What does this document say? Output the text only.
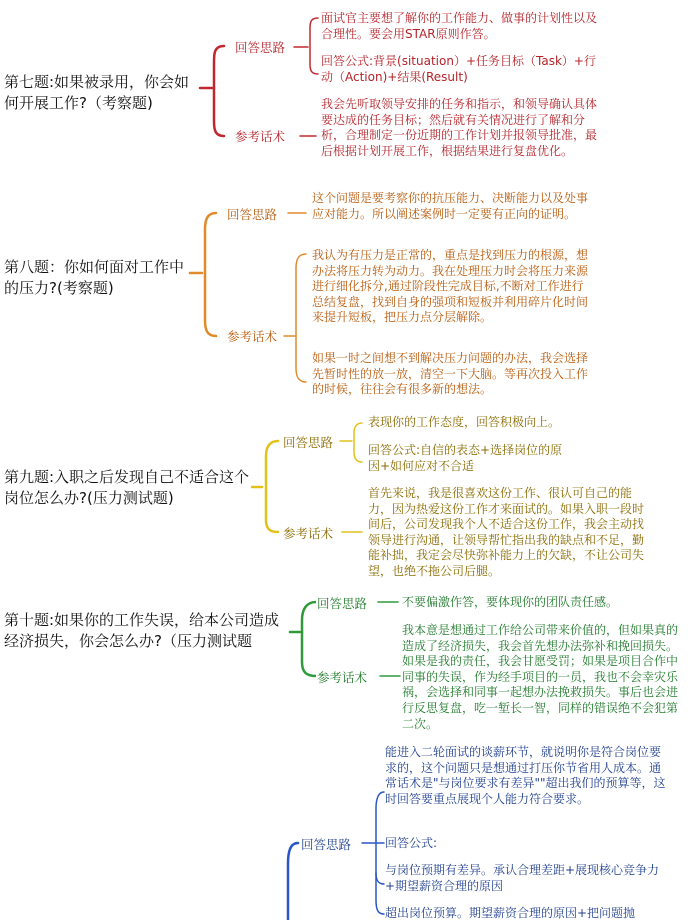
第七题:如果被录用，你会如何开展工作?（考察题)
回答思路
面试官主要想了解你的工作能力、做事的计划性以及合理性。要会用STAR原则作答。
回答公式:背景(situation）+任务目标（Task）+行动（Action)+结果(Result)
参考话术
我会先听取领导安排的任务和指示，和领导确认具体要达成的任务目标；然后就有关情况进行了解和分析，合理制定一份近期的工作计划并报领导批准，最后根据计划开展工作，根据结果进行复盘优化。
第八题：你如何面对工作中的压力?(考察题)
回答思路
这个问题是要考察你的抗压能力、决断能力以及处事应对能力。所以阐述案例时一定要有正向的证明。
参考话术
我认为有压力是正常的，重点是找到压力的根源，想办法将压力转为动力。我在处理压力时会将压力来源进行细化拆分,通过阶段性完成目标,不断对工作进行总结复盘，找到自身的强项和短板并利用碎片化时间来提升短板，把压力点分层解除。
如果一时之间想不到解决压力问题的办法，我会选择先暂时性的放一放，清空一下大脑。等再次投入工作的时候，往往会有很多新的想法。
第九题:入职之后发现自己不适合这个岗位怎么办?(压力测试题)
回答思路
表现你的工作态度，回答积极向上。
回答公式:自信的表态+选择岗位的原因+如何应对不合适
参考话术
首先来说，我是很喜欢这份工作、很认可自己的能力，因为热爱这份工作才来面试的。如果入职一段时间后，公司发现我个人不适合这份工作，我会主动找领导进行沟通，让领导帮忙指出我的缺点和不足，勤能补拙，我定会尽快弥补能力上的欠缺，不让公司失望，也绝不拖公司后腿。
第十题:如果你的工作失误，给本公司造成经济损失，你会怎么办?（压力测试题
回答思路	不要偏激作答，要体现你的团队责任感。
参考话术
我本意是想通过工作给公司带来价值的，但如果真的造成了经济损失，我会首先想办法弥补和挽回损失。如果是我的责任，我会甘愿受罚；如果是项目合作中同事的失误，作为经手项目的一员，我也不会幸灾乐祸，会选择和同事一起想办法挽救损失。事后也会进行反思复盘，吃一堑长一智，同样的错误绝不会犯第二次。
回答思路
能进入二轮面试的谈薪环节，就说明你是符合岗位要求的，这个问题只是想通过打压你节省用人成本。通常话术是"与岗位要求有差异""超出我们的预算等，这时回答要重点展现个人能力符合要求。
回答公式:
与岗位预期有差异。承认合理差距+展现核心竞争力+期望薪资合理的原因
超出岗位预算。期望薪资合理的原因+把问题抛
